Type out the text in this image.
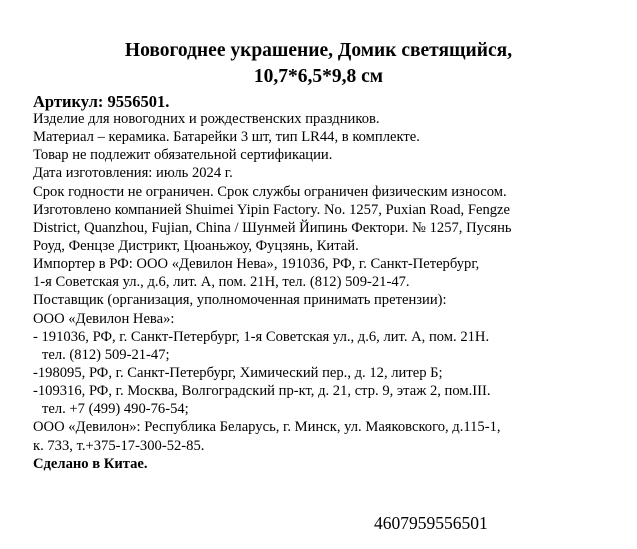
Новогоднее украшение, Домик светящийся,
10,7*6,5*9,8 см
Артикул: 9556501.
Изделие для новогодних и рождественских праздников.
Материал – керамика. Батарейки 3 шт, тип LR44, в комплекте.
Товар не подлежит обязательной сертификации.
Дата изготовления: июль 2024 г.
Срок годности не ограничен. Срок службы ограничен физическим износом.
Изготовлено компанией Shuimei Yipin Factory. No. 1257, Puxian Road, Fengze
District, Quanzhou, Fujian, China / Шунмей Йипинь Фектори. № 1257, Пусянь
Роуд, Фенцзе Дистрикт, Цюаньжоу, Фуцзянь, Китай.
Импортер в РФ: ООО «Девилон Нева», 191036, РФ, г. Санкт-Петербург,
1-я Советская ул., д.6, лит. А, пом. 21Н, тел. (812) 509-21-47.
Поставщик (организация, уполномоченная принимать претензии):
ООО «Девилон Нева»:
- 191036, РФ, г. Санкт-Петербург, 1-я Советская ул., д.6, лит. А, пом. 21Н.
тел. (812) 509-21-47;
-198095, РФ, г. Санкт-Петербург, Химический пер., д. 12, литер Б;
-109316, РФ, г. Москва, Волгоградский пр-кт, д. 21, стр. 9, этаж 2, пом.III.
тел. +7 (499) 490-76-54;
ООО «Девилон»: Республика Беларусь, г. Минск, ул. Маяковского, д.115-1,
к. 733, т.+375-17-300-52-85.
Сделано в Китае.
4607959556501
